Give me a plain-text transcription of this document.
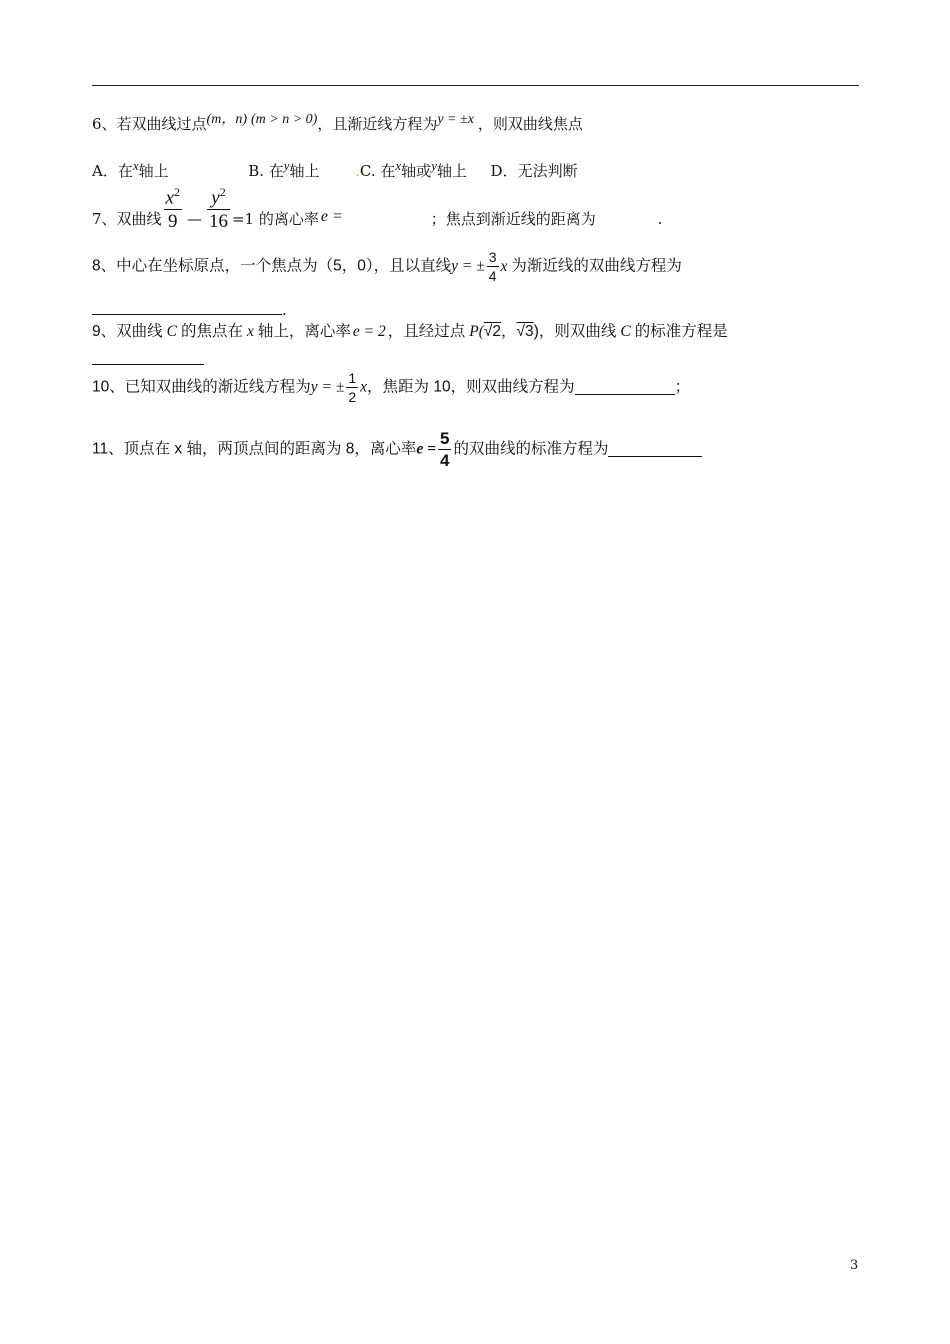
6、若双曲线过点(m，n) (m > n > 0)，且渐近线方程为y = ±x ，则双曲线焦点
A．在x轴上	B. 在y轴上 .C. 在x轴或y轴上 D．无法判断
7、双曲线 $\frac{x^2}{9}$ — $\frac{y^2}{16} =1$ 的离心率 e =	；焦点到渐近线的距离为	.
8、中心在坐标原点，一个焦点为（5，0），且以直线y = ± $\frac{3}{4}$ x 为渐近线的双曲线方程为
.
9、双曲线 C 的焦点在 x 轴上，离心率 e = 2 ，且经过点 P(√2，√3)，则双曲线 C 的标准方程是
10、已知双曲线的渐近线方程为y = ± $\frac{1}{2}$ x，焦距为 10，则双曲线方程为	；
11、顶点在 x 轴，两顶点间的距离为 8，离心率$e = \frac{5}{4}$ 的双曲线的标准方程为
3
